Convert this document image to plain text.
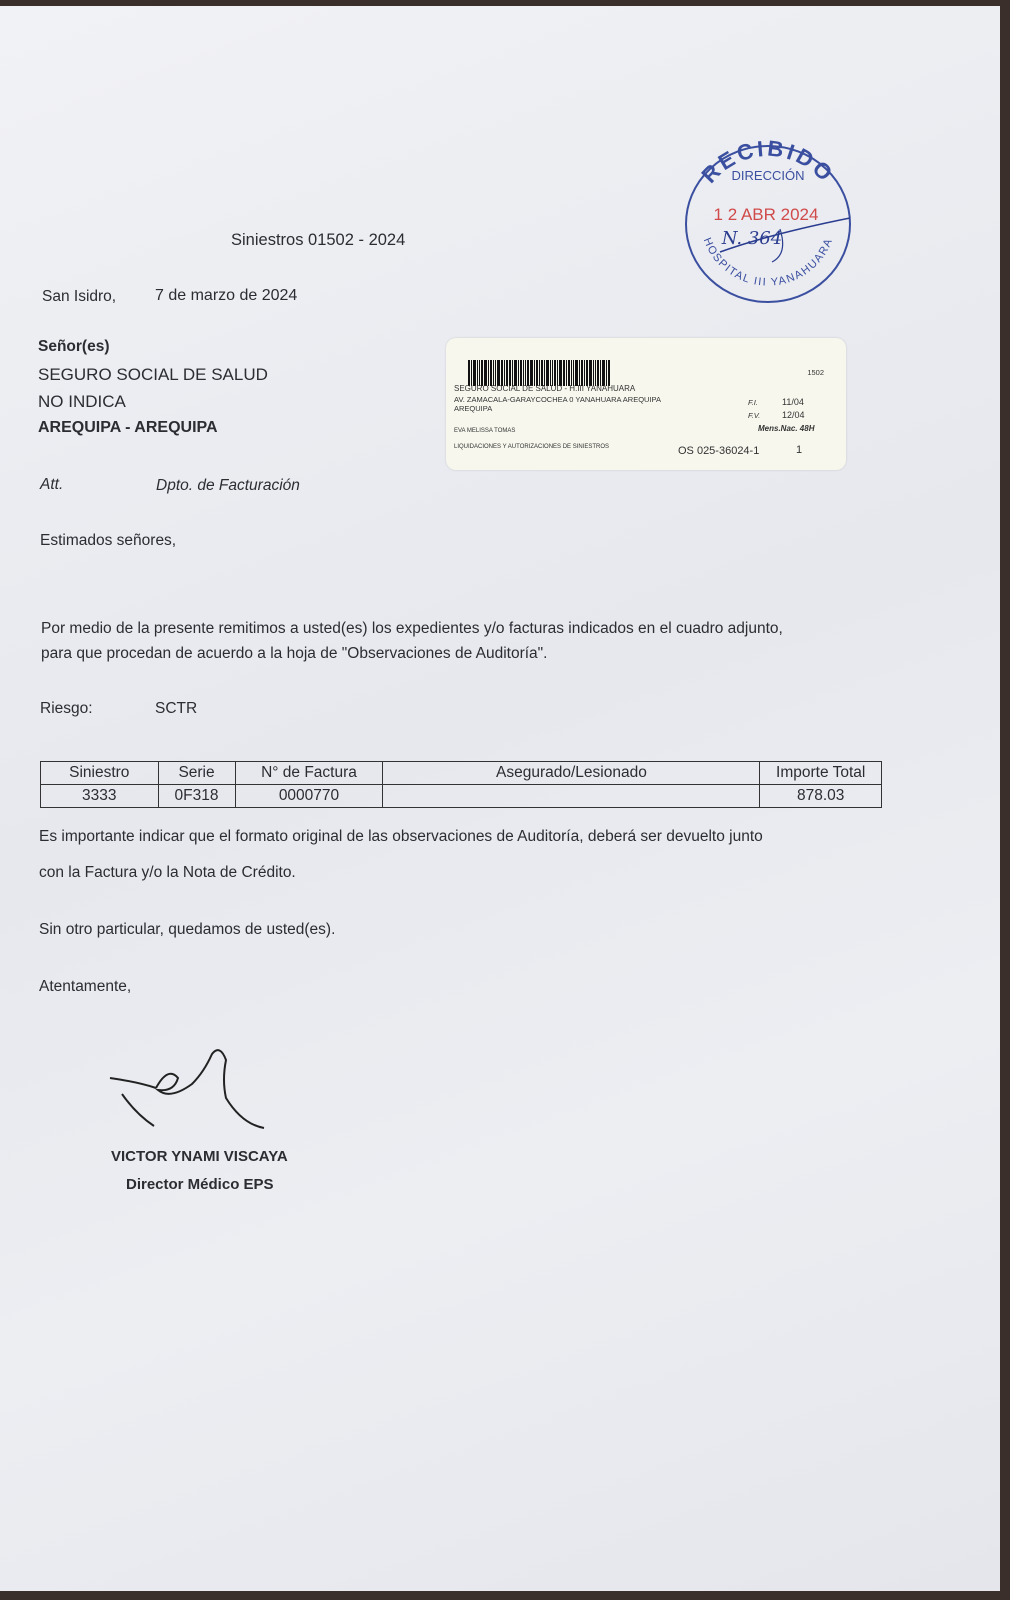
RECIBIDO
DIRECCIÓN
1 2 ABR 2024
N. 364
HOSPITAL III YANAHUARA
Siniestros 01502 - 2024
San Isidro, 7 de marzo de 2024
Señor(es)
SEGURO SOCIAL DE SALUD
NO INDICA
AREQUIPA - AREQUIPA
1502
SEGURO SOCIAL DE SALUD - H.III YANAHUARA
AV. ZAMACALA-GARAYCOCHEA 0 YANAHUARA AREQUIPA
AREQUIPA
F.I.	11/04
F.V. 12/04
EVA MELISSA TOMAS	Mens.Nac. 48H
LIQUIDACIONES Y AUTORIZACIONES DE SINIESTROS	OS 025-36024-1	1
Att.	Dpto. de Facturación
Estimados señores,
Por medio de la presente remitimos a usted(es) los expedientes y/o facturas indicados en el cuadro adjunto,
para que procedan de acuerdo a la hoja de "Observaciones de Auditoría".
Riesgo:	SCTR
Siniestro	Serie	N° de Factura	Asegurado/Lesionado	Importe Total
3333	0F318	0000770		878.03
Es importante indicar que el formato original de las observaciones de Auditoría, deberá ser devuelto junto
con la Factura y/o la Nota de Crédito.
Sin otro particular, quedamos de usted(es).
Atentamente,
VICTOR YNAMI VISCAYA
Director Médico EPS
